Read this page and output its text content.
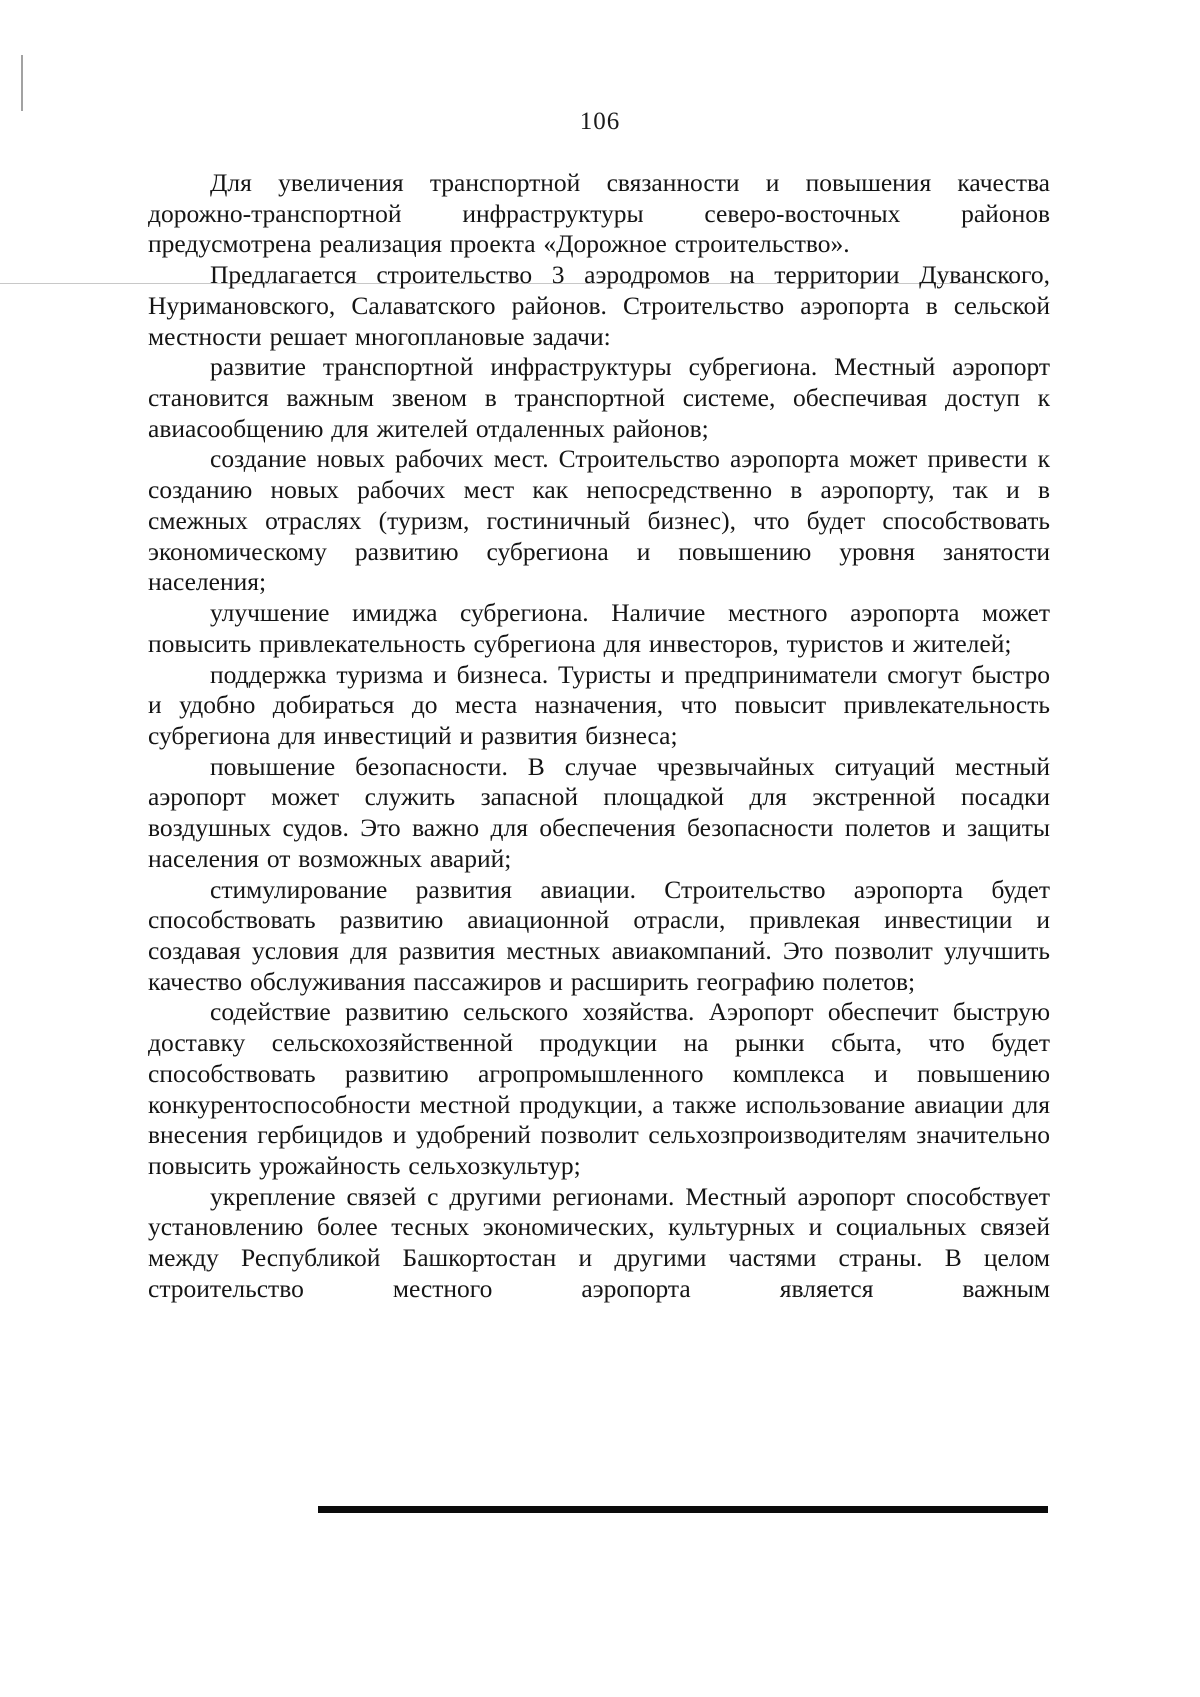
106

Для увеличения транспортной связанности и повышения качества дорожно-транспортной инфраструктуры северо-восточных районов предусмотрена реализация проекта «Дорожное строительство».

Предлагается строительство 3 аэродромов на территории Дуванского, Нуримановского, Салаватского районов. Строительство аэропорта в сельской местности решает многоплановые задачи:

развитие транспортной инфраструктуры субрегиона. Местный аэропорт становится важным звеном в транспортной системе, обеспечивая доступ к авиасообщению для жителей отдаленных районов;

создание новых рабочих мест. Строительство аэропорта может привести к созданию новых рабочих мест как непосредственно в аэропорту, так и в смежных отраслях (туризм, гостиничный бизнес), что будет способствовать экономическому развитию субрегиона и повышению уровня занятости населения;

улучшение имиджа субрегиона. Наличие местного аэропорта может повысить привлекательность субрегиона для инвесторов, туристов и жителей;

поддержка туризма и бизнеса. Туристы и предприниматели смогут быстро и удобно добираться до места назначения, что повысит привлекательность субрегиона для инвестиций и развития бизнеса;

повышение безопасности. В случае чрезвычайных ситуаций местный аэропорт может служить запасной площадкой для экстренной посадки воздушных судов. Это важно для обеспечения безопасности полетов и защиты населения от возможных аварий;

стимулирование развития авиации. Строительство аэропорта будет способствовать развитию авиационной отрасли, привлекая инвестиции и создавая условия для развития местных авиакомпаний. Это позволит улучшить качество обслуживания пассажиров и расширить географию полетов;

содействие развитию сельского хозяйства. Аэропорт обеспечит быструю доставку сельскохозяйственной продукции на рынки сбыта, что будет способствовать развитию агропромышленного комплекса и повышению конкурентоспособности местной продукции, а также использование авиации для внесения гербицидов и удобрений позволит сельхозпроизводителям значительно повысить урожайность сельхозкультур;

укрепление связей с другими регионами. Местный аэропорт способствует установлению более тесных экономических, культурных и социальных связей между Республикой Башкортостан и другими частями страны. В целом строительство местного аэропорта является важным
